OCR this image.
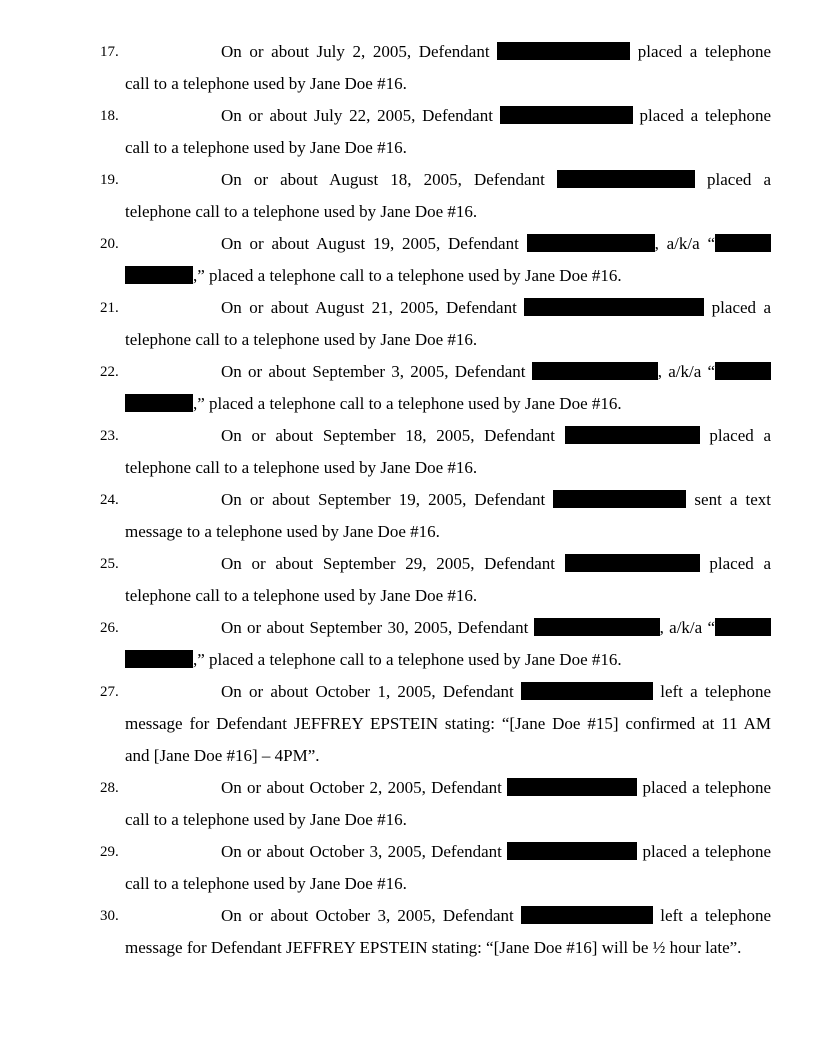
17.	On or about July 2, 2005, Defendant	placed a telephone
call to a telephone used by Jane Doe #16.
18.	On or about July 22, 2005, Defendant	placed a telephone
call to a telephone used by Jane Doe #16.
19.	On or about August 18, 2005, Defendant	placed a
telephone call to a telephone used by Jane Doe #16.
20.	On or about August 19, 2005, Defendant	, a/k/a “
,” placed a telephone call to a telephone used by Jane Doe #16.
21.	On or about August 21, 2005, Defendant	placed a
telephone call to a telephone used by Jane Doe #16.
22.	On or about September 3, 2005, Defendant	, a/k/a “
,” placed a telephone call to a telephone used by Jane Doe #16.
23.	On or about September 18, 2005, Defendant	placed a
telephone call to a telephone used by Jane Doe #16.
24.	On or about September 19, 2005, Defendant	sent a text
message to a telephone used by Jane Doe #16.
25.	On or about September 29, 2005, Defendant	placed a
telephone call to a telephone used by Jane Doe #16.
26.	On or about September 30, 2005, Defendant	, a/k/a “
,” placed a telephone call to a telephone used by Jane Doe #16.
27.	On or about October 1, 2005, Defendant	left a telephone
message for Defendant JEFFREY EPSTEIN stating: “[Jane Doe #15] confirmed at 11 AM
and [Jane Doe #16] – 4PM”.
28.	On or about October 2, 2005, Defendant	placed a telephone
call to a telephone used by Jane Doe #16.
29.	On or about October 3, 2005, Defendant	placed a telephone
call to a telephone used by Jane Doe #16.
30.	On or about October 3, 2005, Defendant	left a telephone
message for Defendant JEFFREY EPSTEIN stating: “[Jane Doe #16] will be ½ hour late”.
